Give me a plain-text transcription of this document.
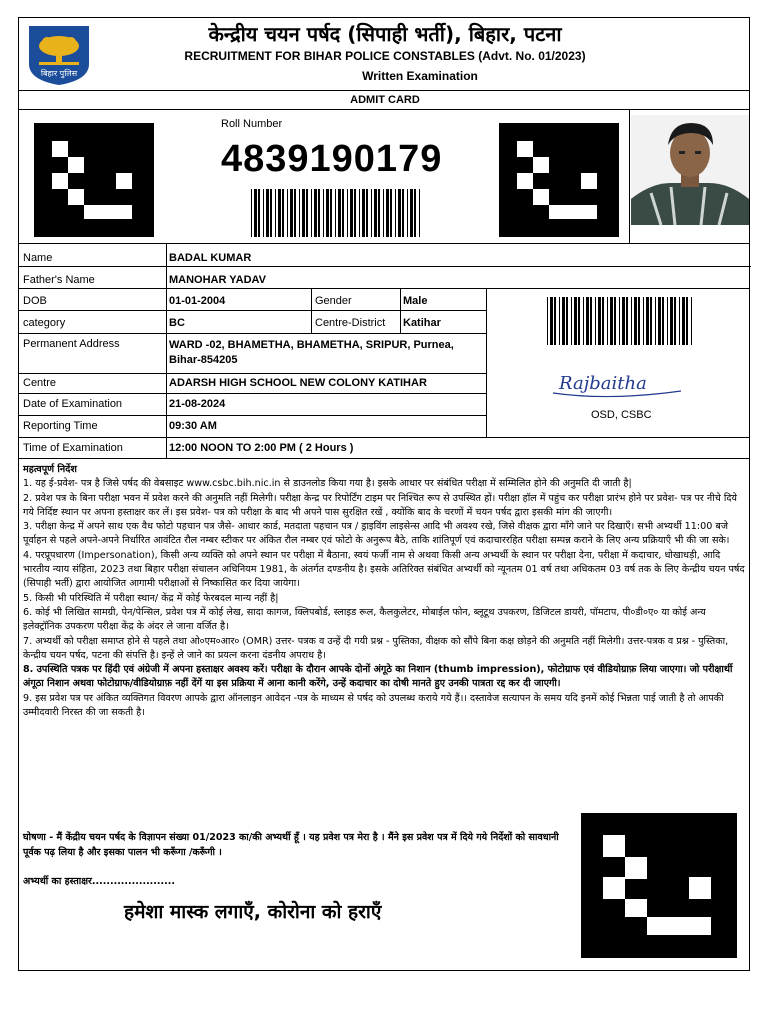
बिहार पुलिस
केन्द्रीय चयन पर्षद (सिपाही भर्ती), बिहार, पटना
RECRUITMENT FOR BIHAR POLICE CONSTABLES (Advt. No. 01/2023)
Written Examination
ADMIT CARD
Roll Number
4839190179
Name	BADAL KUMAR
Father's Name	MANOHAR YADAV
DOB	01-01-2004	Gender	Male
category	BC	Centre-District Katihar
Permanent Address	WARD -02, BHAMETHA, BHAMETHA, SRIPUR, Purnea,
Bihar-854205
Centre	ADARSH HIGH SCHOOL NEW COLONY KATIHAR
Date of Examination	21-08-2024
Reporting Time	09:30 AM
Time of Examination	12:00 NOON TO 2:00 PM ( 2 Hours )
Rajbaitha
OSD, CSBC

महत्वपूर्ण निर्देश

1. यह ई-प्रवेश- पत्र है जिसे पर्षद की वेबसाइट www.csbc.bih.nic.in से डाउनलोड किया गया है। इसके आधार पर संबंधित परीक्षा में सम्मिलित होने की अनुमति दी जाती है|

2. प्रवेश पत्र के बिना परीक्षा भवन में प्रवेश करने की अनुमति नहीं मिलेगी। परीक्षा केन्द्र पर रिपोर्टिंग टाइम पर निश्चित रूप से उपस्थित हों। परीक्षा हॉल में पहुंच कर परीक्षा प्रारंभ होने पर प्रवेश- पत्र पर नीचे दिये गये निर्दिष्ट स्थान पर अपना हस्ताक्षर कर लें। इस प्रवेश- पत्र को परीक्षा के बाद भी अपने पास सुरक्षित रखें , क्योंकि बाद के चरणों में चयन पर्षद द्वारा इसकी मांग की जाएगी।

3. परीक्षा केन्द्र में अपने साथ एक वैध फोटो पहचान पत्र जैसे- आधार कार्ड, मतदाता पहचान पत्र / ड्राइविंग लाइसेन्स आदि भी अवश्य रखे, जिसे वीक्षक द्वारा माँगे जाने पर दिखाएँ। सभी अभ्यर्थी 11:00 बजे पूर्वाहन से पहले अपने-अपने निर्धारित आवंटित रौल नम्बर स्टीकर पर अंकित रौल नम्बर एवं फोटो के अनुरूप बैठे, ताकि शांतिपूर्ण एवं कदाचाररहित परीक्षा सम्पन्न कराने के लिए अन्य प्रक्रियाएँ भी की जा सके।

4. परप्रूपधारण (Impersonation), किसी अन्य व्यक्ति को अपने स्थान पर परीक्षा में बैठाना, स्वयं फर्जी नाम से अथवा किसी अन्य अभ्यर्थी के स्थान पर परीक्षा देना, परीक्षा में कदाचार, धोखाधड़ी, आदि भारतीय न्याय संहिता, 2023 तथा बिहार परीक्षा संचालन अधिनियम 1981, के अंतर्गत दण्डनीय है। इसके अतिरिक्त संबंधित अभ्यर्थी को न्यूनतम 01 वर्ष तथा अधिकतम 03 वर्ष तक के लिए केन्द्रीय चयन पर्षद (सिपाही भर्ती) द्वारा आयोजित आगामी परीक्षाओं से निष्कासित कर दिया जायेगा।

5. किसी भी परिस्थिति में परीक्षा स्थान/ केंद्र में कोई फेरबदल मान्य नहीं है|

6. कोई भी लिखित सामग्री, पेन/पेन्सिल, प्रवेश पत्र में कोई लेख, सादा कागज, क्लिपबोर्ड, स्लाइड रूल, कैलकुलेटर, मोबाईल फोन, ब्लूटूथ उपकरण, डिजिटल डायरी, पॉमटाप, पी०डी०ए० या कोई अन्य इलेक्ट्रॉनिक उपकरण परीक्षा केंद्र के अंदर ले जाना वर्जित है।

7. अभ्यर्थी को परीक्षा समाप्त होने से पहले तथा ओ०एम०आर० (OMR) उत्तर- पत्रक व उन्हें दी गयी प्रश्न - पुस्तिका, वीक्षक को सौंपे बिना कक्ष छोड़ने की अनुमति नहीं मिलेगी। उत्तर-पत्रक व प्रश्न - पुस्तिका, केन्द्रीय चयन पर्षद, पटना की संपत्ति है। इन्हें ले जाने का प्रयत्न करना दंडनीय अपराध है।

8. उपस्थिति पत्रक पर हिंदी एवं अंग्रेजी में अपना हस्ताक्षर अवश्य करें। परीक्षा के दौरान आपके दोनों अंगूठे का निशान (thumb impression), फोटोग्राफ एवं वीडियोग्राफ़ लिया जाएगा। जो परीक्षार्थी अंगूठा निशान अथवा फोटोग्राफ/वीडियोग्राफ़ नहीं देंगें या इस प्रक्रिया में आना कानी करेंगे, उन्हें कदाचार का दोषी मानते हुए उनकी पात्रता रद्द कर दी जाएगी।

9. इस प्रवेश पत्र पर अंकित व्यक्तिगत विवरण आपके द्वारा ऑनलाइन आवेदन -पत्र के माध्यम से पर्षद को उपलब्ध कराये गये हैं।। दस्तावेज सत्यापन के समय यदि इनमें कोई भिन्नता पाई जाती है तो आपकी उम्मीदवारी निरस्त की जा सकती है।

घोषणा - मैं केंद्रीय चयन पर्षद के विज्ञापन संख्या 01/2023 का/की अभ्यर्थी हूँ । यह प्रवेश पत्र मेरा है । मैंने इस प्रवेश पत्र में दिये गये निर्देशों को सावधानी पूर्वक पढ़ लिया है और इसका पालन भी करूँगा /करूँगी ।
अभ्यर्थी का हस्ताक्षर.......................
हमेशा मास्क लगाएँ, कोरोना को हराएँ
